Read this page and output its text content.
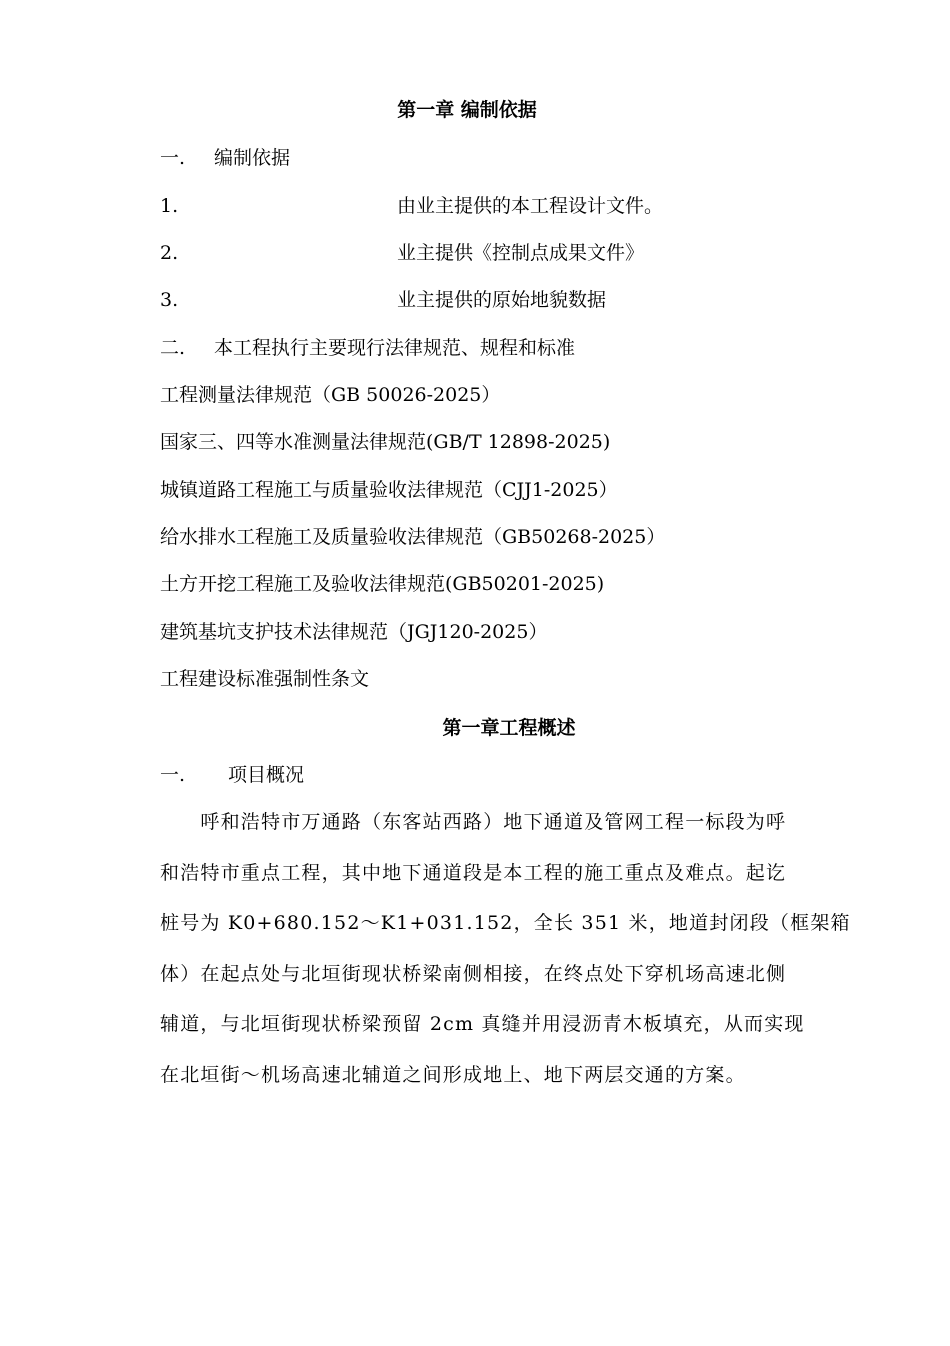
第一章 编制依据
一. 编制依据
1.	由业主提供的本工程设计文件。
2.	业主提供《控制点成果文件》
3.	业主提供的原始地貌数据
二. 本工程执行主要现行法律规范、规程和标准
工程测量法律规范（GB 50026-2025）
国家三、四等水准测量法律规范(GB/T 12898-2025)
城镇道路工程施工与质量验收法律规范（CJJ1-2025）
给水排水工程施工及质量验收法律规范（GB50268-2025）
土方开挖工程施工及验收法律规范(GB50201-2025)
建筑基坑支护技术法律规范（JGJ120-2025）
工程建设标准强制性条文
第一章工程概述
一. 项目概况
　　呼和浩特市万通路（东客站西路）地下通道及管网工程一标段为呼
和浩特市重点工程，其中地下通道段是本工程的施工重点及难点。起讫
桩号为 K0+680.152～K1+031.152，全长 351 米，地道封闭段（框架箱
体）在起点处与北垣街现状桥梁南侧相接，在终点处下穿机场高速北侧
辅道，与北垣街现状桥梁预留 2cm 真缝并用浸沥青木板填充，从而实现
在北垣街～机场高速北辅道之间形成地上、地下两层交通的方案。
